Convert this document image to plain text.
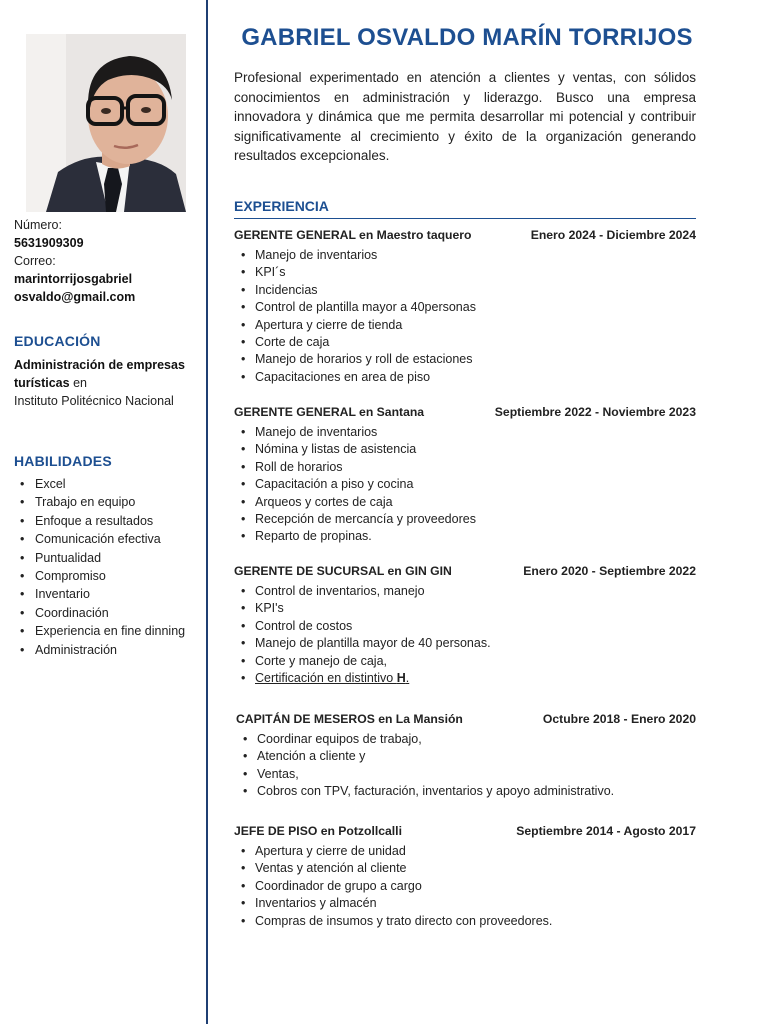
Número:
5631909309
Correo:
marintorrijosgabriel
osvaldo@gmail.com
EDUCACIÓN
Administración de empresas turísticas en
Instituto Politécnico Nacional
HABILIDADES
• Excel
• Trabajo en equipo
• Enfoque a resultados
• Comunicación efectiva
• Puntualidad
• Compromiso
• Inventario
• Coordinación
• Experiencia en fine dinning
• Administración
GABRIEL OSVALDO MARÍN TORRIJOS

Profesional experimentado en atención a clientes y ventas, con sólidos conocimientos en administración y liderazgo. Busco una empresa innovadora y dinámica que me permita desarrollar mi potencial y contribuir significativamente al crecimiento y éxito de la organización generando resultados excepcionales.

EXPERIENCIA
GERENTE GENERAL en Maestro taquero	Enero 2024 - Diciembre 2024
• Manejo de inventarios
• KPI´s
• Incidencias
• Control de plantilla mayor a 40personas
• Apertura y cierre de tienda
• Corte de caja
• Manejo de horarios y roll de estaciones
• Capacitaciones en area de piso
GERENTE GENERAL en Santana	Septiembre 2022 - Noviembre 2023
• Manejo de inventarios
• Nómina y listas de asistencia
• Roll de horarios
• Capacitación a piso y cocina
• Arqueos y cortes de caja
• Recepción de mercancía y proveedores
• Reparto de propinas.
GERENTE DE SUCURSAL en GIN GIN	Enero 2020 - Septiembre 2022
• Control de inventarios, manejo
• KPI's
• Control de costos
• Manejo de plantilla mayor de 40 personas.
• Corte y manejo de caja,
• Certificación en distintivo H.
CAPITÁN DE MESEROS en La Mansión	Octubre 2018 - Enero 2020
• Coordinar equipos de trabajo,
• Atención a cliente y
• Ventas,
• Cobros con TPV, facturación, inventarios y apoyo administrativo.
JEFE DE PISO en Potzollcalli	Septiembre 2014 - Agosto 2017
• Apertura y cierre de unidad
• Ventas y atención al cliente
• Coordinador de grupo a cargo
• Inventarios y almacén
• Compras de insumos y trato directo con proveedores.
